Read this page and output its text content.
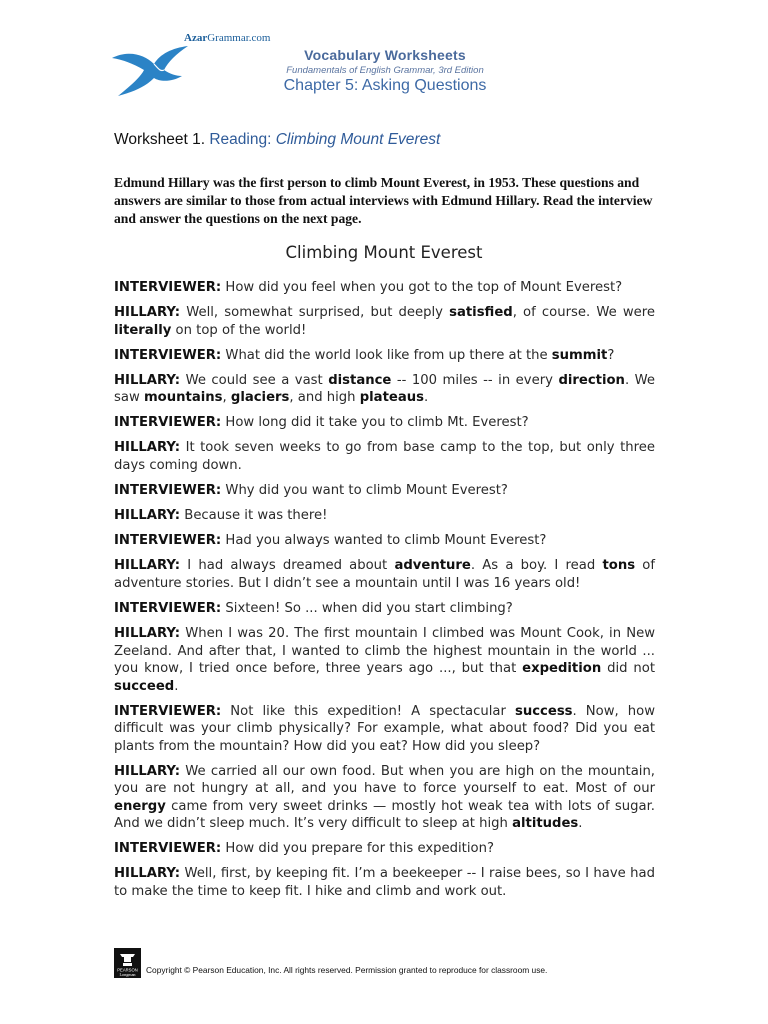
AzarGrammar.com
Vocabulary Worksheets
Fundamentals of English Grammar, 3rd Edition
Chapter 5: Asking Questions
Worksheet 1. Reading: Climbing Mount Everest
Edmund Hillary was the first person to climb Mount Everest, in 1953. These questions and answers are similar to those from actual interviews with Edmund Hillary. Read the interview and answer the questions on the next page.
Climbing Mount Everest

INTERVIEWER: How did you feel when you got to the top of Mount Everest?

HILLARY: Well, somewhat surprised, but deeply satisfied, of course. We were literally on top of the world!

INTERVIEWER: What did the world look like from up there at the summit?

HILLARY: We could see a vast distance -- 100 miles -- in every direction. We saw mountains, glaciers, and high plateaus.

INTERVIEWER: How long did it take you to climb Mt. Everest?

HILLARY: It took seven weeks to go from base camp to the top, but only three days coming down.

INTERVIEWER: Why did you want to climb Mount Everest?

HILLARY: Because it was there!

INTERVIEWER: Had you always wanted to climb Mount Everest?

HILLARY: I had always dreamed about adventure. As a boy. I read tons of adventure stories. But I didn’t see a mountain until I was 16 years old!

INTERVIEWER: Sixteen! So ... when did you start climbing?

HILLARY: When I was 20. The first mountain I climbed was Mount Cook, in New Zeeland. And after that, I wanted to climb the highest mountain in the world ... you know, I tried once before, three years ago ..., but that expedition did not succeed.

INTERVIEWER: Not like this expedition! A spectacular success. Now, how difficult was your climb physically? For example, what about food? Did you eat plants from the mountain? How did you eat? How did you sleep?

HILLARY: We carried all our own food. But when you are high on the mountain, you are not hungry at all, and you have to force yourself to eat. Most of our energy came from very sweet drinks — mostly hot weak tea with lots of sugar. And we didn’t sleep much. It’s very difficult to sleep at high altitudes.

INTERVIEWER: How did you prepare for this expedition?

HILLARY: Well, first, by keeping fit. I’m a beekeeper -- I raise bees, so I have had to make the time to keep fit. I hike and climb and work out.

PEARSON
Longman Copyright © Pearson Education, Inc. All rights reserved. Permission granted to reproduce for classroom use.
